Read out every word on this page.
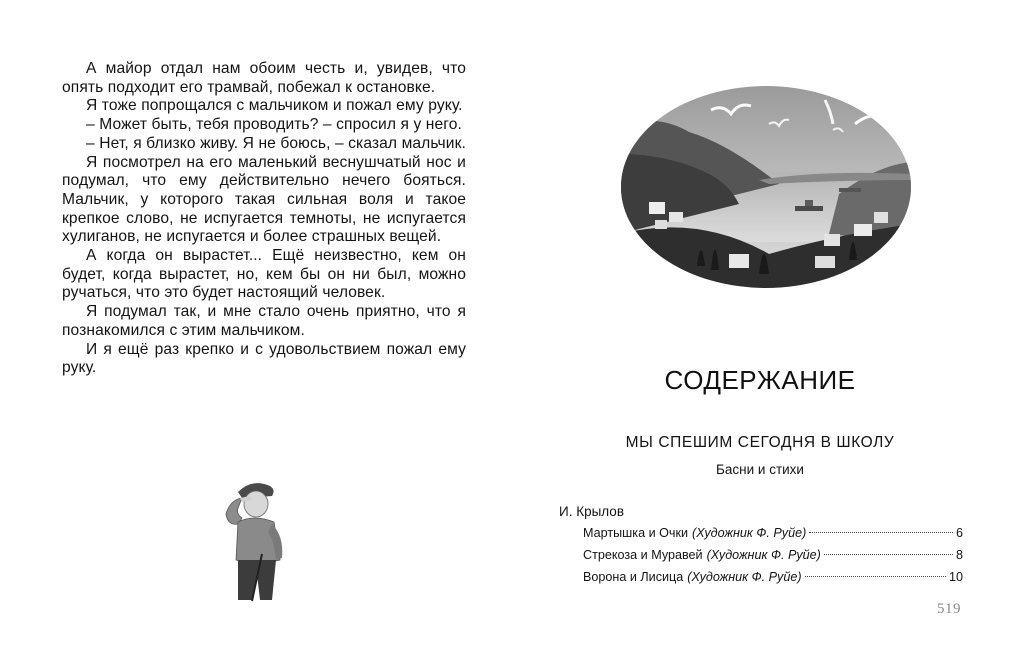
А майор отдал нам обоим честь и, увидев, что опять подходит его трамвай, побежал к остановке.

Я тоже попрощался с мальчиком и пожал ему руку.

– Может быть, тебя проводить? – спросил я у него.

– Нет, я близко живу. Я не боюсь, – сказал мальчик.

Я посмотрел на его маленький веснушчатый нос и подумал, что ему действительно нечего бояться. Мальчик, у которого такая сильная воля и такое крепкое слово, не испугается темноты, не испугается хулиганов, не испугается и более страшных вещей.

А когда он вырастет... Ещё неизвестно, кем он будет, когда вырастет, но, кем бы он ни был, можно ручаться, что это будет настоящий человек.

Я подумал так, и мне стало очень приятно, что я познакомился с этим мальчиком.

И я ещё раз крепко и с удовольствием пожал ему руку.	СОДЕРЖАНИЕ
МЫ СПЕШИМ СЕГОДНЯ В ШКОЛУ
Басни и стихи
И. Крылов
Мартышка и Очки (Художник Ф. Руйе)	6
Стрекоза и Муравей (Художник Ф. Руйе)	8
Ворона и Лисица (Художник Ф. Руйе)	10
519
